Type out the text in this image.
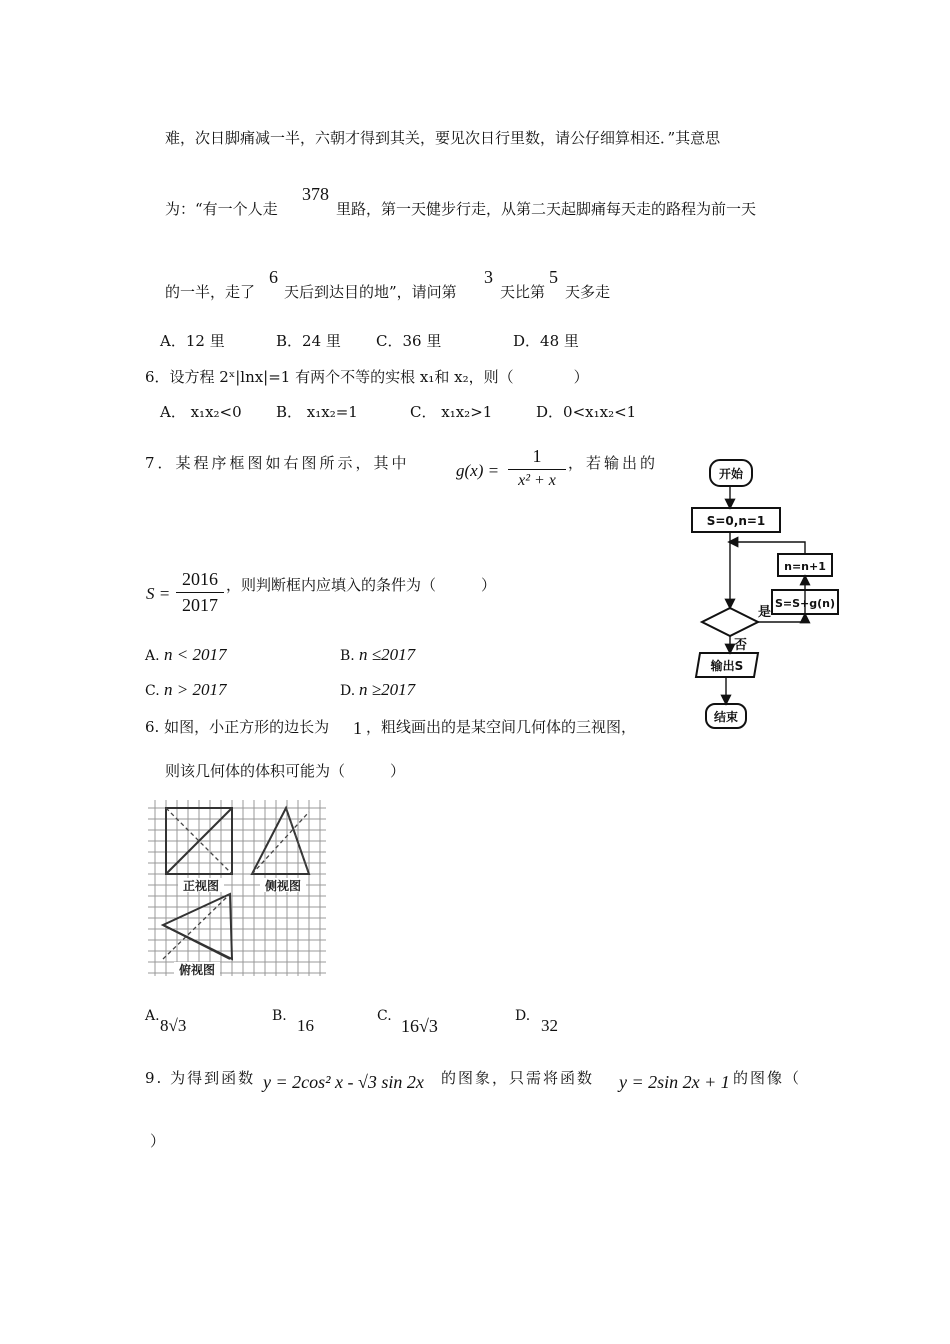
难，次日脚痛减一半，六朝才得到其关，要见次日行里数，请公仔细算相还．”其意思
为：“有一个人走
378
里路，第一天健步行走，从第二天起脚痛每天走的路程为前一天
的一半，走了
6
天后到达目的地”，请问第
3
天比第
5
天多走
A．12 里	B．24 里 C．36 里	D．48 里
6．设方程 2ˣ|lnx|=1 有两个不等的实根 x₁和 x₂，则（　　　　）
A． x₁x₂<0 B． x₁x₂=1	C． x₁x₂>1	D．0<x₁x₂<1
7．某程序框图如右图所示，其中	g(x) =
1
x² + x
，若输出的
S =
2016
2017
，则判断框内应填入的条件为（　　　）
A. n < 2017	B. n ≤2017
C. n > 2017	D. n ≥2017
开始
S=0,n=1
n=n+1
S=S+g(n)
是
否
输出S
结束
6. 如图，小正方形的边长为 1 ，粗线画出的是某空间几何体的三视图，
则该几何体的体积可能为（　　　）
正视图	侧视图
俯视图
A. 8√3	B. 16	C. 16√3	D. 32
9. 为得到函数 y = 2cos² x - √3 sin 2x 的图象，只需将函数 y = 2sin 2x + 1 的图像（
）
